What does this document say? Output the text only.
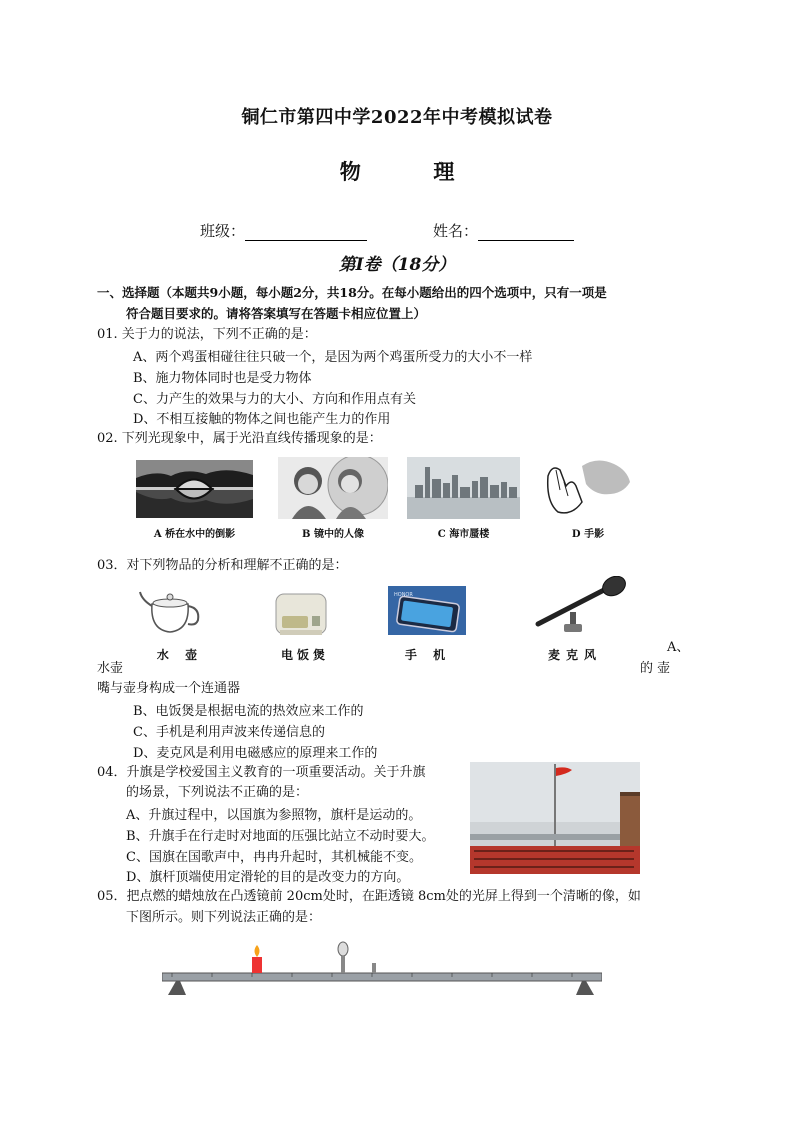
铜仁市第四中学2022年中考模拟试卷
物	理
班级：	姓名：
第Ⅰ卷（18分）
一、选择题（本题共9小题，每小题2分，共18分。在每小题给出的四个选项中，只有一项是
符合题目要求的。请将答案填写在答题卡相应位置上）
01. 关于力的说法，下列不正确的是：
A、两个鸡蛋相碰往往只破一个，是因为两个鸡蛋所受力的大小不一样
B、施力物体同时也是受力物体
C、力产生的效果与力的大小、方向和作用点有关
D、不相互接触的物体之间也能产生力的作用
02. 下列光现象中，属于光沿直线传播现象的是：
A 桥在水中的倒影	B 镜中的人像	C 海市蜃楼	D 手影
03．对下列物品的分析和理解不正确的是：
水 壶	电饭煲
HONOR
手 机	麦克风	A、
水壶	的 壶
嘴与壶身构成一个连通器
B、电饭煲是根据电流的热效应来工作的
C、手机是利用声波来传递信息的
D、麦克风是利用电磁感应的原理来工作的
04．升旗是学校爱国主义教育的一项重要活动。关于升旗
的场景，下列说法不正确的是：
A、升旗过程中，以国旗为参照物，旗杆是运动的。
B、升旗手在行走时对地面的压强比站立不动时要大。
C、国旗在国歌声中，冉冉升起时，其机械能不变。
D、旗杆顶端使用定滑轮的目的是改变力的方向。
05．把点燃的蜡烛放在凸透镜前 20cm处时，在距透镜 8cm处的光屏上得到一个清晰的像，如
下图所示。则下列说法正确的是：
